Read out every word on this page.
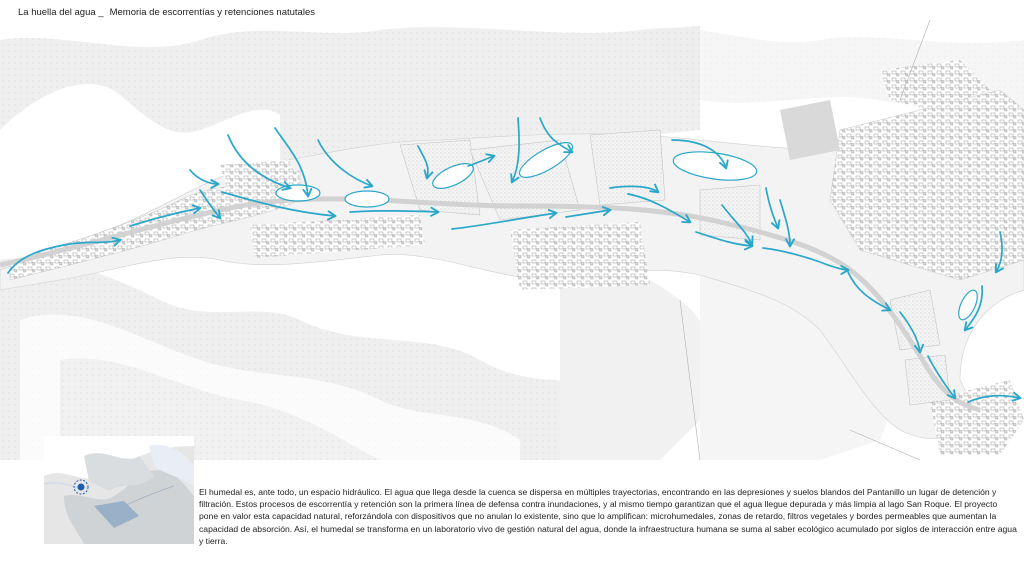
La huella del agua _ Memoria de escorrentías y retenciones natutales
El humedal es, ante todo, un espacio hidráulico. El agua que llega desde la cuenca se dispersa en múltiples trayectorias, encontrando en las depresiones y suelos blandos del Pantanillo un lugar de detención y filtración. Estos procesos de escorrentía y retención son la primera línea de defensa contra inundaciones, y al mismo tiempo garantizan que el agua llegue depurada y más limpia al lago San Roque. El proyecto pone en valor esta capacidad natural, reforzándola con dispositivos que no anulan lo existente, sino que lo amplifican: microhumedales, zonas de retardo, filtros vegetales y bordes permeables que aumentan la capacidad de absorción. Así, el humedal se transforma en un laboratorio vivo de gestión natural del agua, donde la infraestructura humana se suma al saber ecológico acumulado por siglos de interacción entre agua y tierra.
